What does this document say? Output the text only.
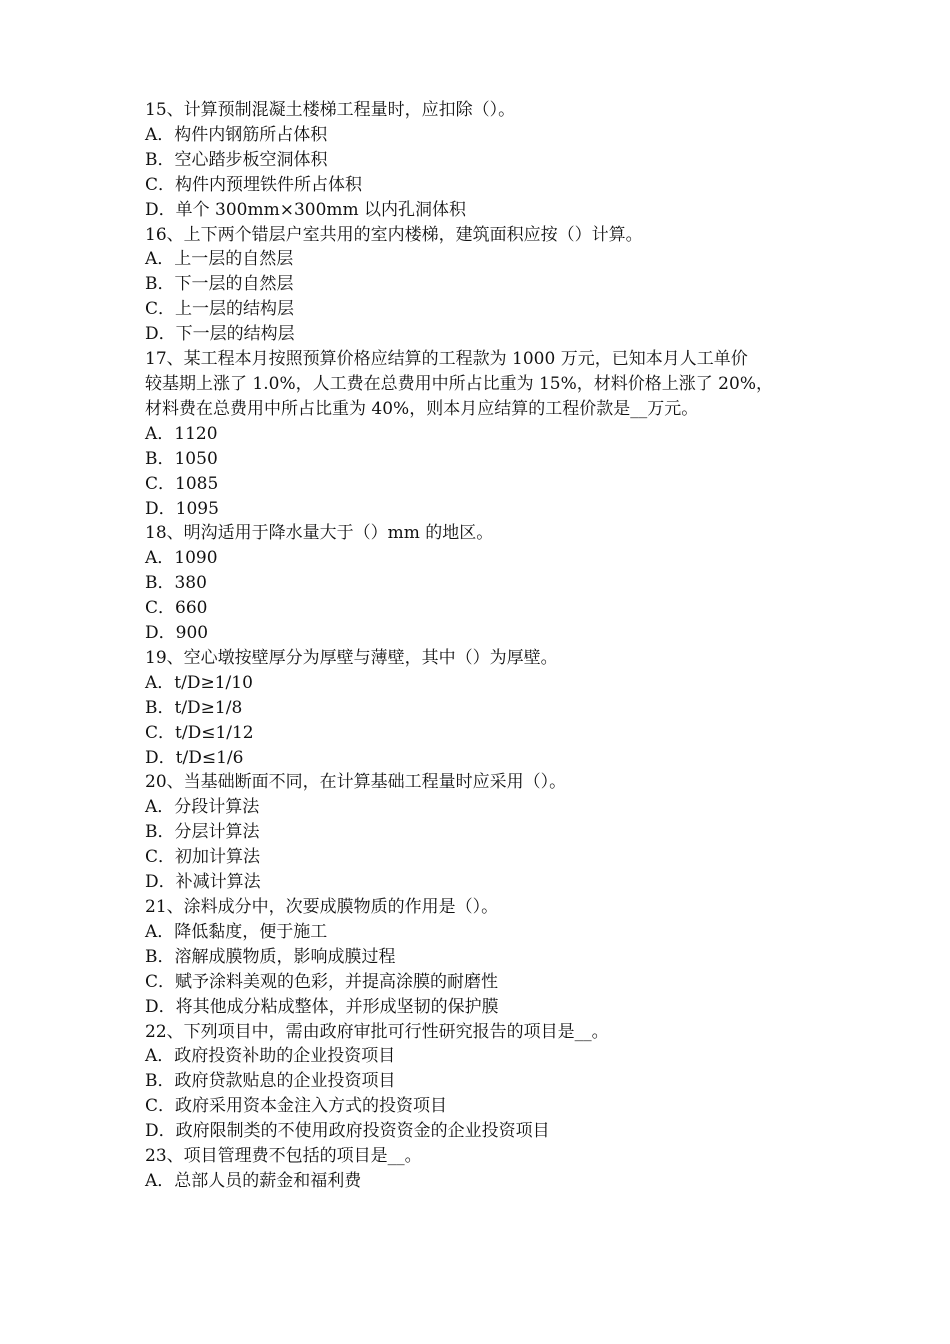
15、计算预制混凝土楼梯工程量时，应扣除（）。
A．构件内钢筋所占体积
B．空心踏步板空洞体积
C．构件内预埋铁件所占体积
D．单个 300mm×300mm 以内孔洞体积
16、上下两个错层户室共用的室内楼梯，建筑面积应按（）计算。
A．上一层的自然层
B．下一层的自然层
C．上一层的结构层
D．下一层的结构层
17、某工程本月按照预算价格应结算的工程款为 1000 万元，已知本月人工单价
较基期上涨了 1.0%，人工费在总费用中所占比重为 15%，材料价格上涨了 20%，
材料费在总费用中所占比重为 40%，则本月应结算的工程价款是__万元。
A．1120
B．1050
C．1085
D．1095
18、明沟适用于降水量大于（）mm 的地区。
A．1090
B．380
C．660
D．900
19、空心墩按壁厚分为厚壁与薄壁，其中（）为厚壁。
A．t/D≥1/10
B．t/D≥1/8
C．t/D≤1/12
D．t/D≤1/6
20、当基础断面不同，在计算基础工程量时应采用（）。
A．分段计算法
B．分层计算法
C．初加计算法
D．补减计算法
21、涂料成分中，次要成膜物质的作用是（）。
A．降低黏度，便于施工
B．溶解成膜物质，影响成膜过程
C．赋予涂料美观的色彩，并提高涂膜的耐磨性
D．将其他成分粘成整体，并形成坚韧的保护膜
22、下列项目中，需由政府审批可行性研究报告的项目是__。
A．政府投资补助的企业投资项目
B．政府贷款贴息的企业投资项目
C．政府采用资本金注入方式的投资项目
D．政府限制类的不使用政府投资资金的企业投资项目
23、项目管理费不包括的项目是__。
A．总部人员的薪金和福利费
